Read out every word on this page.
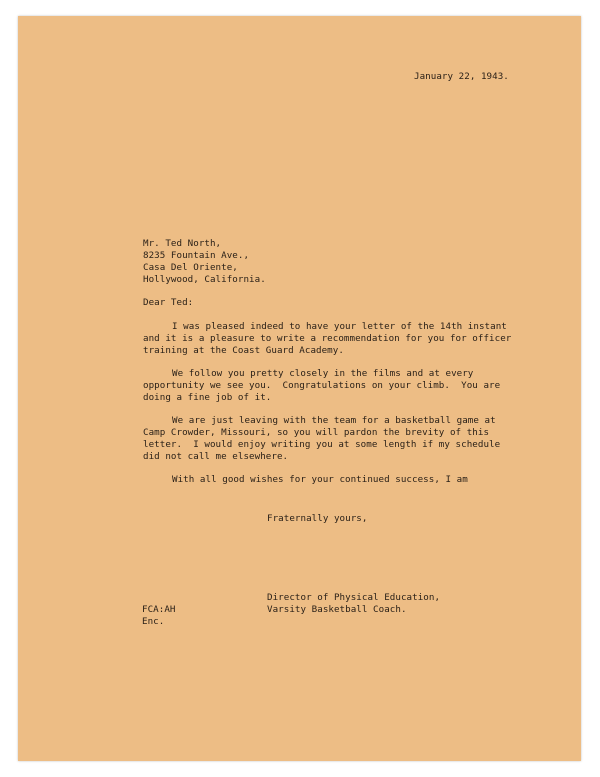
January 22, 1943.

Mr. Ted North,

8235 Fountain Ave.,

Casa Del Oriente,

Hollywood, California.

Dear Ted:

I was pleased indeed to have your letter of the 14th instant

and it is a pleasure to write a recommendation for you for officer

training at the Coast Guard Academy.

We follow you pretty closely in the films and at every

opportunity we see you.  Congratulations on your climb.  You are

doing a fine job of it.

We are just leaving with the team for a basketball game at

Camp Crowder, Missouri, so you will pardon the brevity of this

letter.  I would enjoy writing you at some length if my schedule

did not call me elsewhere.

With all good wishes for your continued success, I am

Fraternally yours,

Director of Physical Education,

Varsity Basketball Coach.

FCA:AH

Enc.
